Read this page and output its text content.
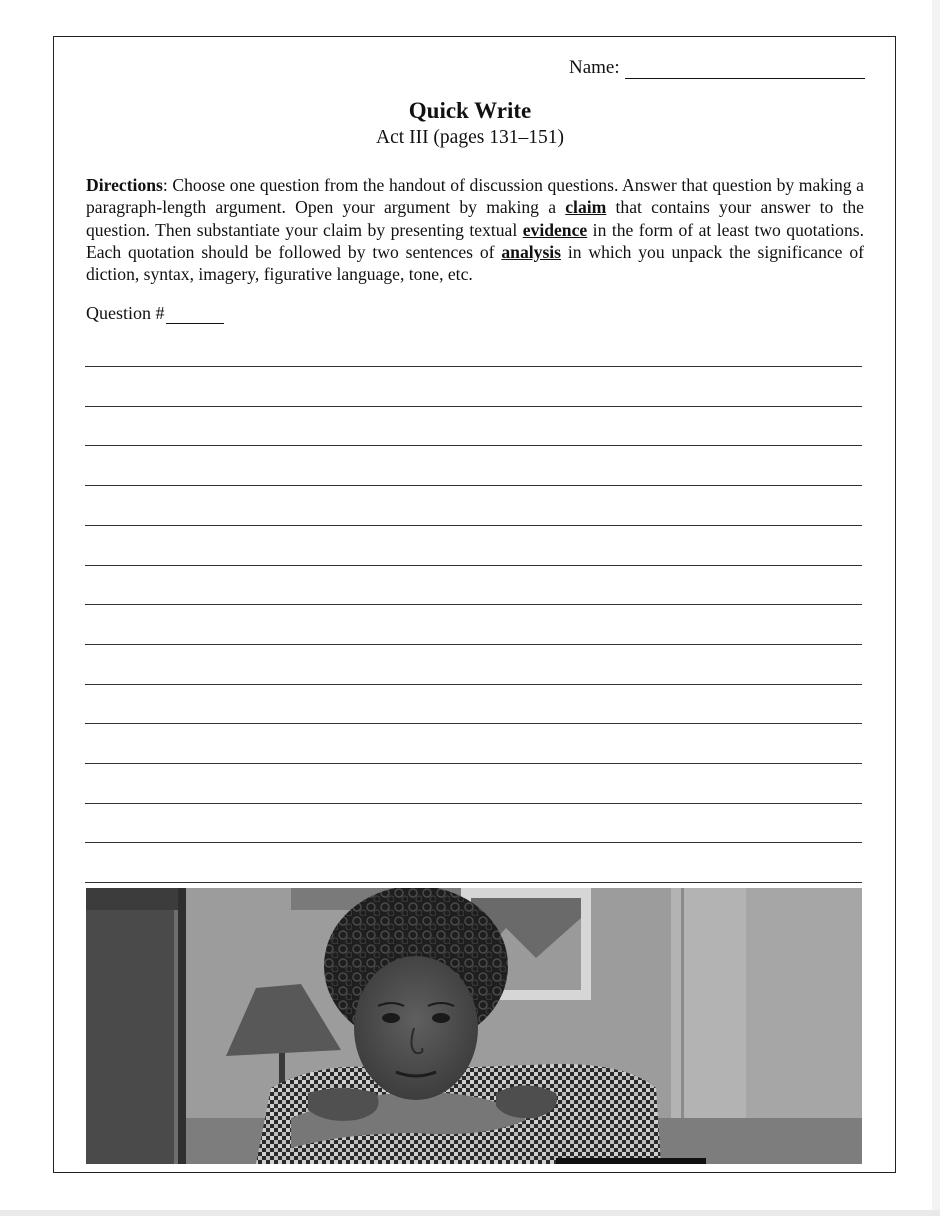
Name:
Quick Write
Act III (pages 131–151)
Directions: Choose one question from the handout of discussion questions. Answer that question by making a paragraph-length argument. Open your argument by making a claim that contains your answer to the question. Then substantiate your claim by presenting textual evidence in the form of at least two quotations. Each quotation should be followed by two sentences of analysis in which you unpack the significance of diction, syntax, imagery, figurative language, tone, etc.
Question #
